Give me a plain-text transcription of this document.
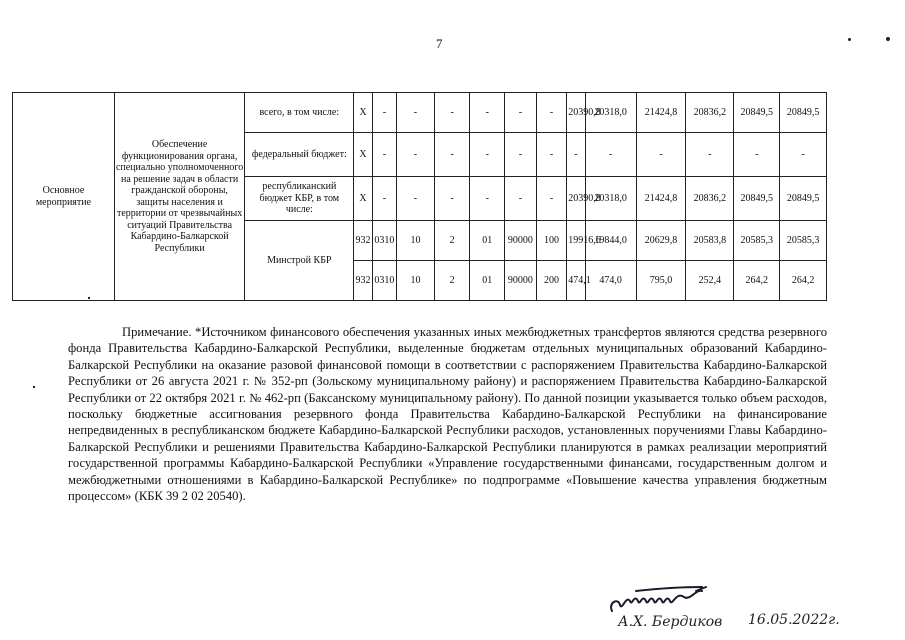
7
Основное мероприятие	Обеспечение функционирования органа, специально уполномоченного на решение задач в области гражданской обороны, защиты населения и территории от чрезвычайных ситуаций Правительства Кабардино-Балкарской Республики	всего, в том числе:	Х	-	-	-	-	-	-	20390,8	20318,0	21424,8	20836,2	20849,5	20849,5
		федеральный бюджет:	Х	-	-	-	-	-	-	-	-	-	-	-	-
		республиканский бюджет КБР, в том числе:	Х	-	-	-	-	-	-	20390,8	20318,0	21424,8	20836,2	20849,5	20849,5
		Минстрой КБР	932	0310	10	2	01	90000	100	19916,6	19844,0	20629,8	20583,8	20585,3	20585,3
			932	0310	10	2	01	90000	200	474,1	474,0	795,0	252,4	264,2	264,2

Примечание. *Источником финансового обеспечения указанных иных межбюджетных трансфертов являются средства резервного фонда Правительства Кабардино-Балкарской Республики, выделенные бюджетам отдельных муниципальных образований Кабардино-Балкарской Республики на оказание разовой финансовой помощи в соответствии с распоряжением Правительства Кабардино-Балкарской Республики от 26 августа 2021 г. № 352-рп (Зольскому муниципальному району) и распоряжением Правительства Кабардино-Балкарской Республики от 22 октября 2021 г. № 462-рп (Баксанскому муниципальному району). По данной позиции указывается только объем расходов, поскольку бюджетные ассигнования резервного фонда Правительства Кабардино-Балкарской Республики на финансирование непредвиденных в республиканском бюджете Кабардино-Балкарской Республики расходов, установленных поручениями Главы Кабардино-Балкарской Республики и решениями Правительства Кабардино-Балкарской Республики планируются в рамках реализации мероприятий государственной программы Кабардино-Балкарской Республики «Управление государственными финансами, государственным долгом и межбюджетными отношениями в Кабардино-Балкарской Республике» по подпрограмме «Повышение качества управления бюджетным процессом» (КБК 39 2 02 20540).

А.Х. Бердиков 16.05.2022г.
